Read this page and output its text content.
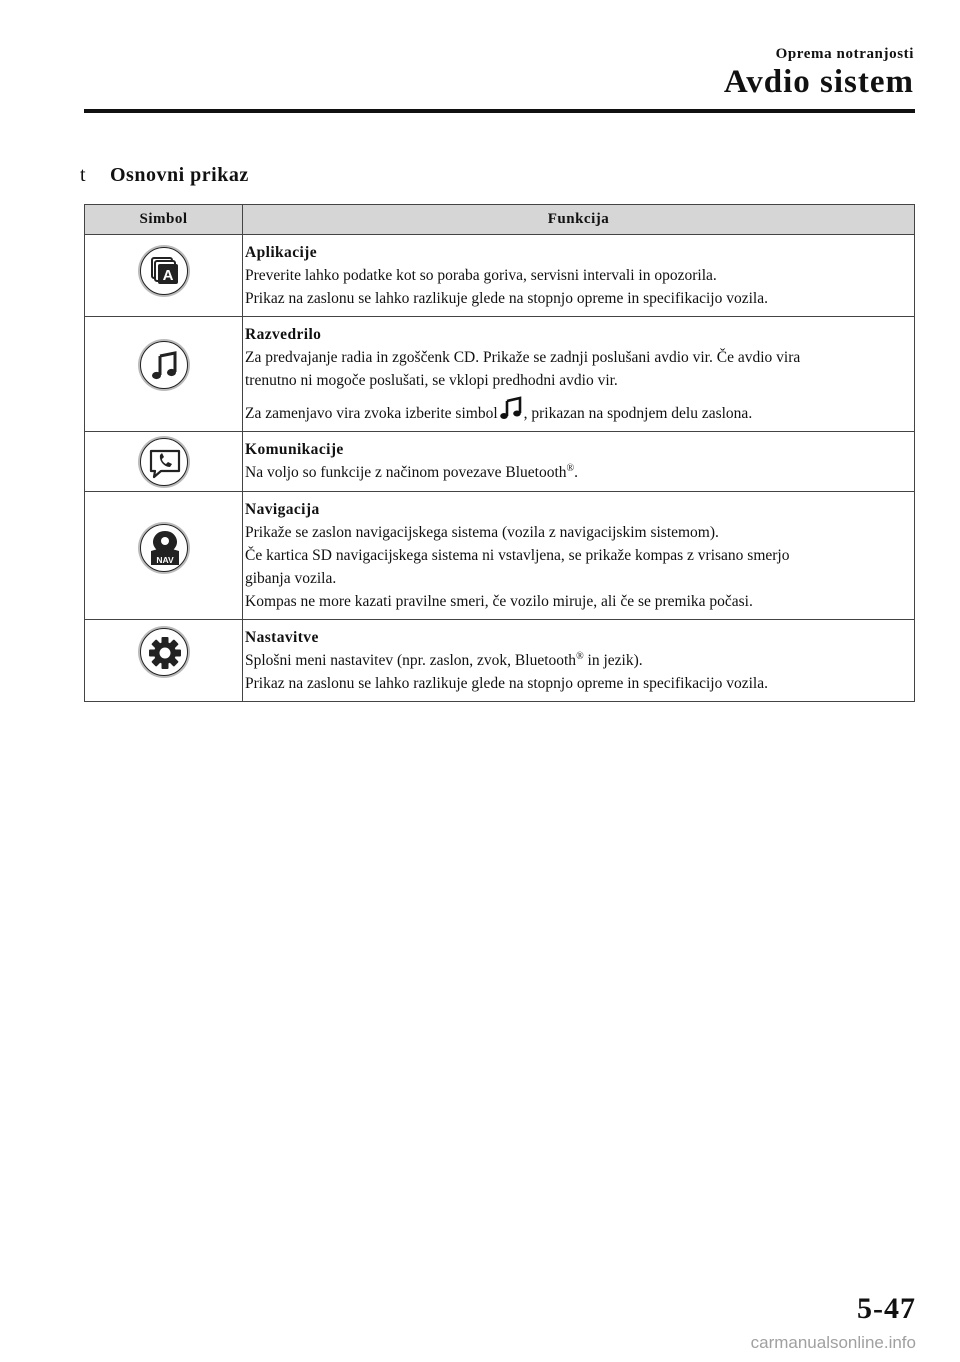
Oprema notranjosti
Avdio sistem
t	Osnovni prikaz
Simbol	Funkcija

A	Aplikacije
Preverite lahko podatke kot so poraba goriva, servisni intervali in opozorila.
Prikaz na zaslonu se lahko razlikuje glede na stopnjo opreme in specifikacijo vozila.

Razvedrilo
Za predvajanje radia in zgoščenk CD. Prikaže se zadnji poslušani avdio vir. Če avdio vira
trenutno ni mogoče poslušati, se vklopi predhodni avdio vir.
Za zamenjavo vira zvoka izberite simbol , prikazan na spodnjem delu zaslona.

Komunikacije
Na voljo so funkcije z načinom povezave Bluetooth®.

NAV	Navigacija
Prikaže se zaslon navigacijskega sistema (vozila z navigacijskim sistemom).
Če kartica SD navigacijskega sistema ni vstavljena, se prikaže kompas z vrisano smerjo
gibanja vozila.
Kompas ne more kazati pravilne smeri, če vozilo miruje, ali če se premika počasi.

Nastavitve
Splošni meni nastavitev (npr. zaslon, zvok, Bluetooth® in jezik).
Prikaz na zaslonu se lahko razlikuje glede na stopnjo opreme in specifikacijo vozila.
5-47
carmanualsonline.info
